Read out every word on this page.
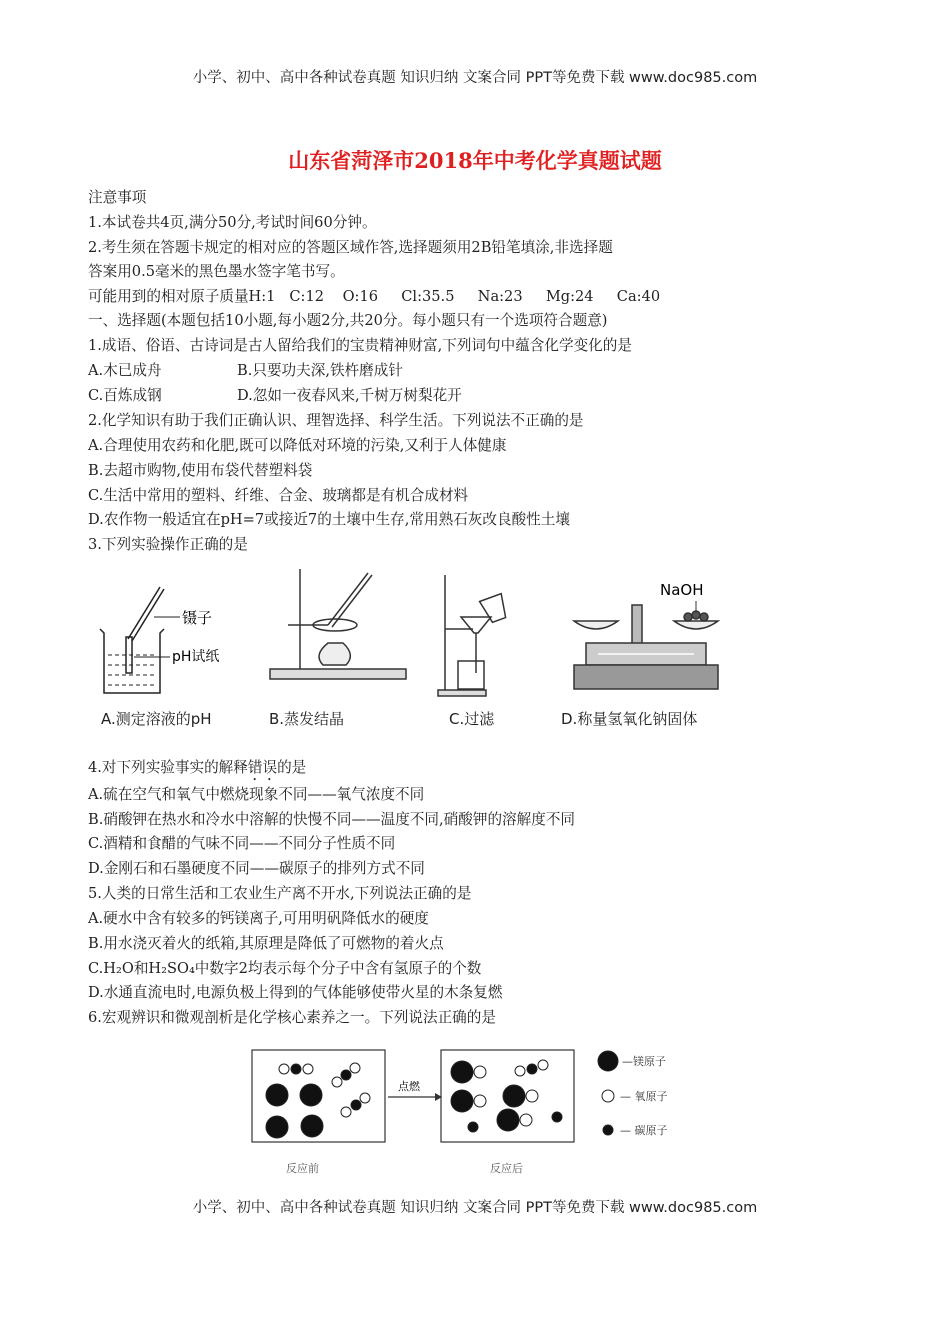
小学、初中、高中各种试卷真题 知识归纳 文案合同 PPT等免费下载 www.doc985.com
山东省菏泽市2018年中考化学真题试题
注意事项
1.本试卷共4页,满分50分,考试时间60分钟。
2.考生须在答题卡规定的相对应的答题区域作答,选择题须用2B铅笔填涂,非选择题
答案用0.5毫米的黑色墨水签字笔书写。
可能用到的相对原子质量H:1   C:12    O:16     Cl:35.5     Na:23     Mg:24     Ca:40
一、选择题(本题包括10小题,每小题2分,共20分。每小题只有一个选项符合题意)
1.成语、俗语、古诗词是古人留给我们的宝贵精神财富,下列词句中蕴含化学变化的是
A.木已成舟	B.只要功夫深,铁杵磨成针
C.百炼成钢	D.忽如一夜春风来,千树万树梨花开
2.化学知识有助于我们正确认识、理智选择、科学生活。下列说法不正确的是
A.合理使用农药和化肥,既可以降低对环境的污染,又利于人体健康
B.去超市购物,使用布袋代替塑料袋
C.生活中常用的塑料、纤维、合金、玻璃都是有机合成材料
D.农作物一般适宜在pH=7或接近7的土壤中生存,常用熟石灰改良酸性土壤
3.下列实验操作正确的是
镊子
pH试纸
NaOH
A.测定溶液的pH	B.蒸发结晶	C.过滤	D.称量氢氧化钠固体
4.对下列实验事实的解释错误的是
A.硫在空气和氧气中燃烧现象不同——氧气浓度不同
B.硝酸钾在热水和冷水中溶解的快慢不同——温度不同,硝酸钾的溶解度不同
C.酒精和食醋的气味不同——不同分子性质不同
D.金刚石和石墨硬度不同——碳原子的排列方式不同
5.人类的日常生活和工农业生产离不开水,下列说法正确的是
A.硬水中含有较多的钙镁离子,可用明矾降低水的硬度
B.用水浇灭着火的纸箱,其原理是降低了可燃物的着火点
C.H₂O和H₂SO₄中数字2均表示每个分子中含有氢原子的个数
D.水通直流电时,电源负极上得到的气体能够使带火星的木条复燃
6.宏观辨识和微观剖析是化学核心素养之一。下列说法正确的是
点燃
—镁原子
— 氧原子
— 碳原子
反应前	反应后
小学、初中、高中各种试卷真题 知识归纳 文案合同 PPT等免费下载 www.doc985.com
